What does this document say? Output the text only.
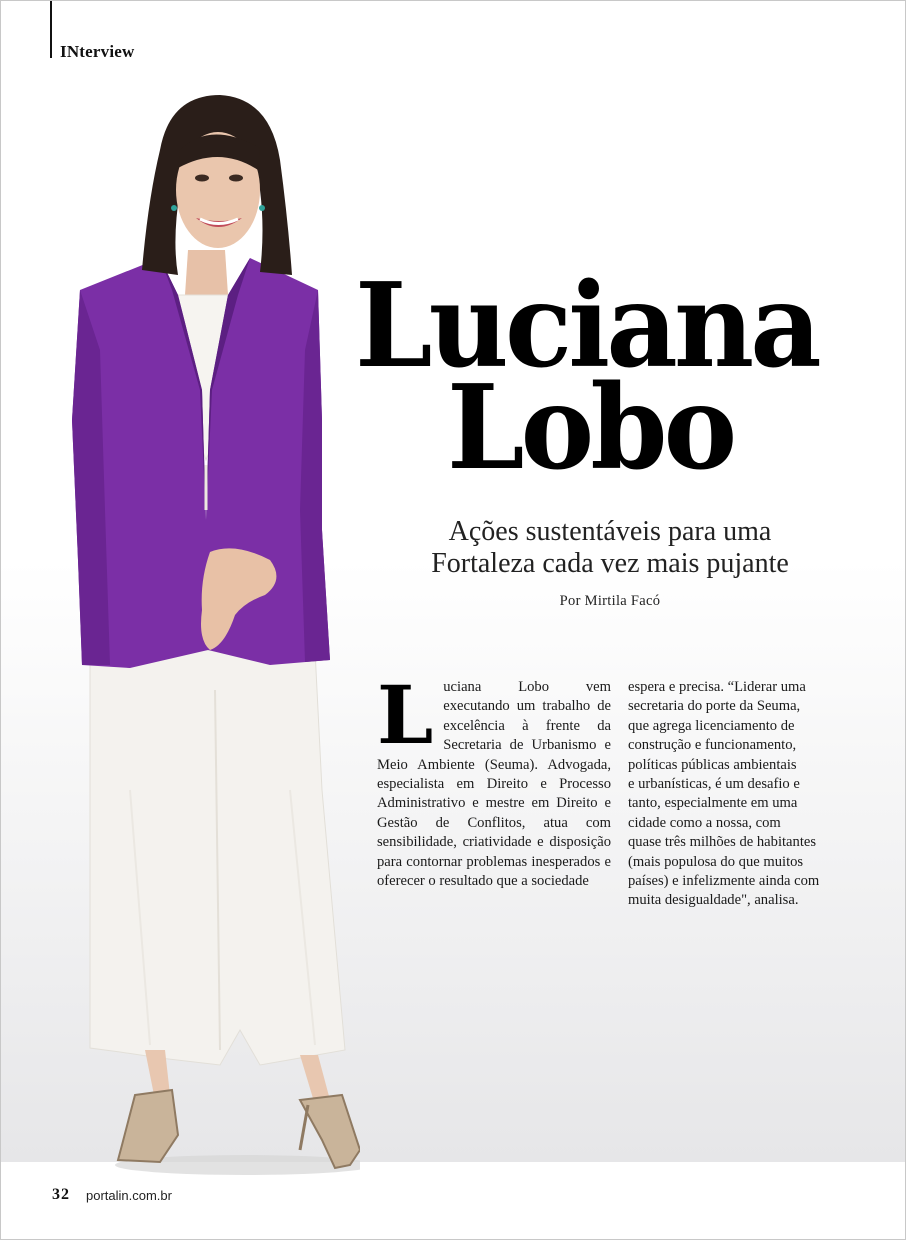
INterview
Luciana
Lobo
Ações sustentáveis para uma
Fortaleza cada vez mais pujante
Por Mirtila Facó
Luciana Lobo vem executando um trabalho de excelência à frente da Secretaria de Urbanismo e Meio Ambiente (Seuma). Advogada, especialista em Direito e Processo Administrativo e mestre em Direito e Gestão de Conflitos, atua com sensibilidade, criatividade e disposição para contornar problemas inesperados e oferecer o resultado que a sociedade
espera e precisa. “Liderar uma
secretaria do porte da Seuma,
que agrega licenciamento de
construção e funcionamento,
políticas públicas ambientais
e urbanísticas, é um desafio e
tanto, especialmente em uma
cidade como a nossa, com
quase três milhões de habitantes
(mais populosa do que muitos
países) e infelizmente ainda com
muita desigualdade", analisa.
32 portalin.com.br
